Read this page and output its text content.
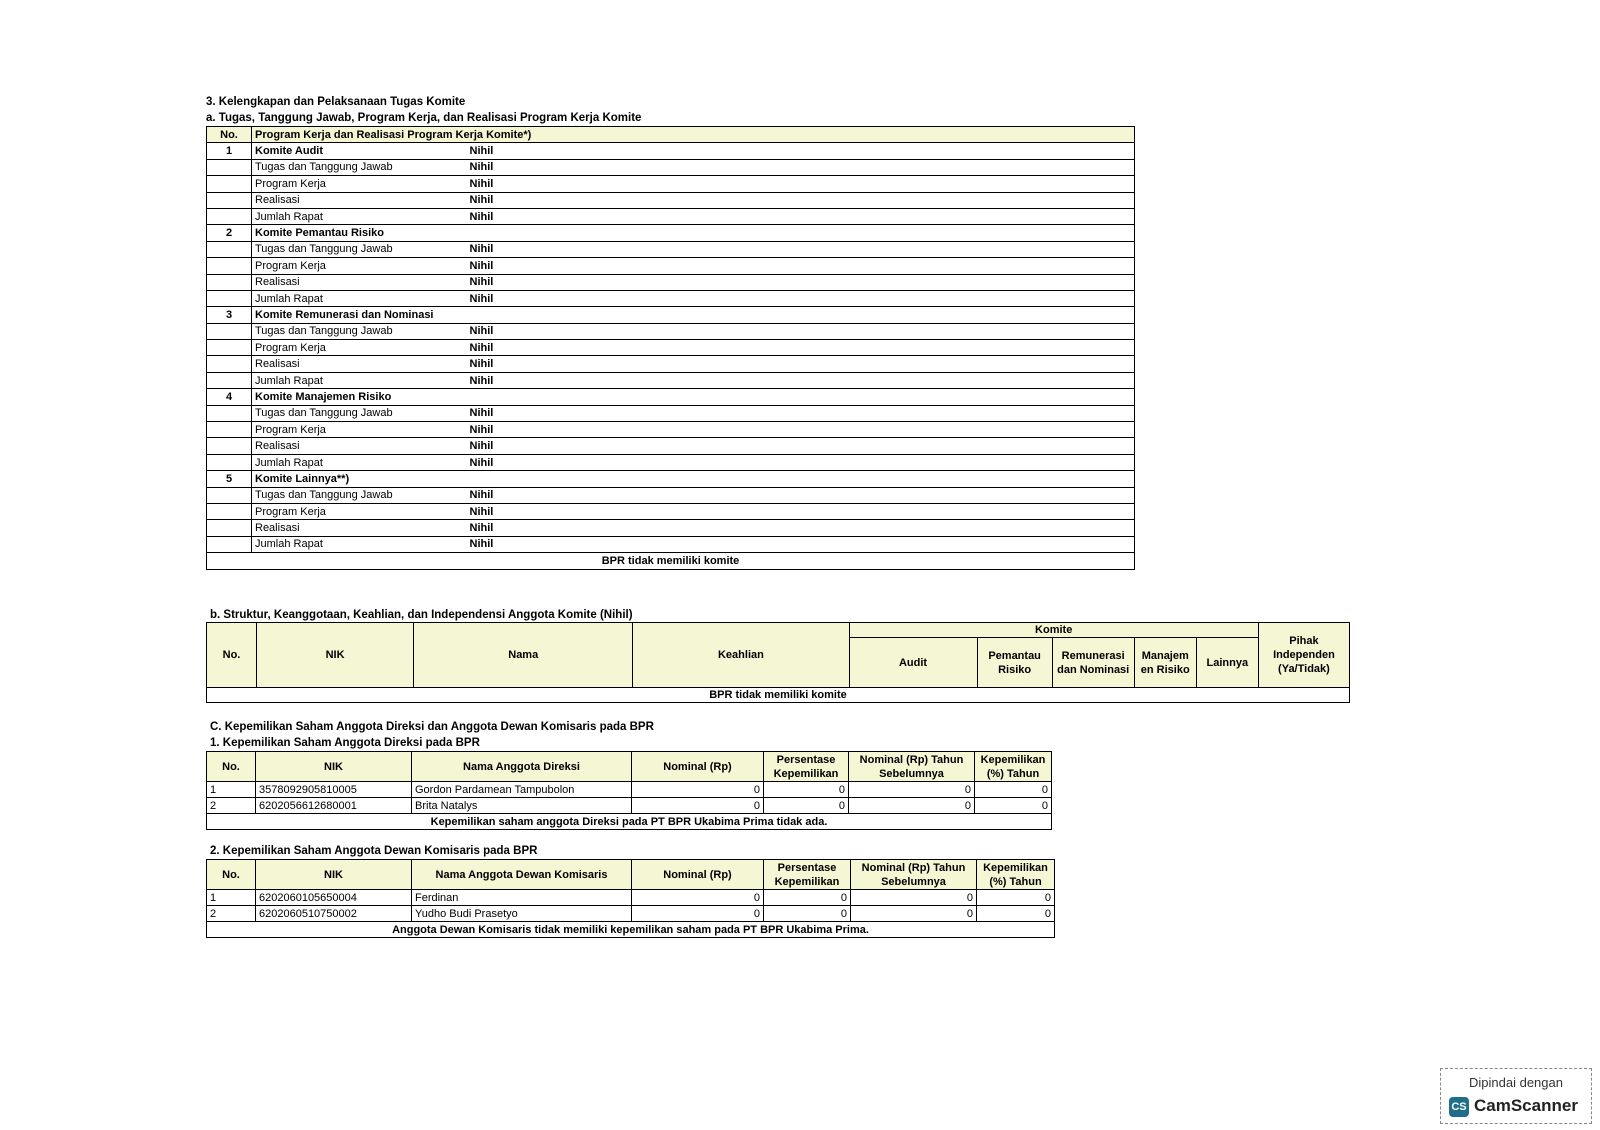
3. Kelengkapan dan Pelaksanaan Tugas Komite
a. Tugas, Tanggung Jawab, Program Kerja, dan Realisasi Program Kerja Komite
No.	Program Kerja dan Realisasi Program Kerja Komite*)	
1	Komite Audit	Nihil
	Tugas dan Tanggung Jawab	Nihil
	Program Kerja	Nihil
	Realisasi	Nihil
	Jumlah Rapat	Nihil
2	Komite Pemantau Risiko	
	Tugas dan Tanggung Jawab	Nihil
	Program Kerja	Nihil
	Realisasi	Nihil
	Jumlah Rapat	Nihil
3	Komite Remunerasi dan Nominasi	
	Tugas dan Tanggung Jawab	Nihil
	Program Kerja	Nihil
	Realisasi	Nihil
	Jumlah Rapat	Nihil
4	Komite Manajemen Risiko	
	Tugas dan Tanggung Jawab	Nihil
	Program Kerja	Nihil
	Realisasi	Nihil
	Jumlah Rapat	Nihil
5	Komite Lainnya**)	
	Tugas dan Tanggung Jawab	Nihil
	Program Kerja	Nihil
	Realisasi	Nihil
	Jumlah Rapat	Nihil
BPR tidak memiliki komite		
b. Struktur, Keanggotaan, Keahlian, dan Independensi Anggota Komite (Nihil)
No.	NIK	Nama	Keahlian	Komite					Pihak Independen (Ya/Tidak)
				Audit	Pemantau Risiko	Remunerasi dan Nominasi	Manajem en Risiko	Lainnya	
BPR tidak memiliki komite									
C. Kepemilikan Saham Anggota Direksi dan Anggota Dewan Komisaris pada BPR
1. Kepemilikan Saham Anggota Direksi pada BPR
No.	NIK	Nama Anggota Direksi	Nominal (Rp)	Persentase Kepemilikan	Nominal (Rp) Tahun Sebelumnya	Kepemilikan (%) Tahun
1	3578092905810005	Gordon Pardamean Tampubolon	0	0	0	0
2	6202056612680001	Brita Natalys	0	0	0	0
Kepemilikan saham anggota Direksi pada PT BPR Ukabima Prima tidak ada.						
2. Kepemilikan Saham Anggota Dewan Komisaris pada BPR
No.	NIK	Nama Anggota Dewan Komisaris	Nominal (Rp)	Persentase Kepemilikan	Nominal (Rp) Tahun Sebelumnya	Kepemilikan (%) Tahun
1	6202060105650004	Ferdinan	0	0	0	0
2	6202060510750002	Yudho Budi Prasetyo	0	0	0	0
Anggota Dewan Komisaris tidak memiliki kepemilikan saham pada PT BPR Ukabima Prima.						
Dipindai dengan
CS CamScanner
